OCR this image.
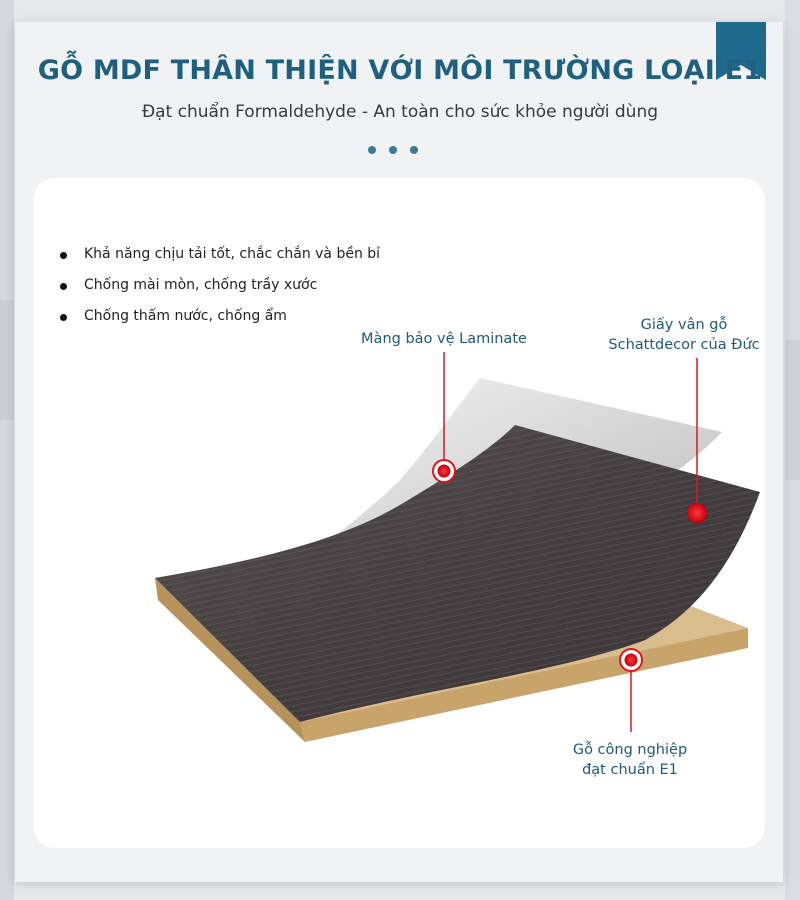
GỖ MDF THÂN THIỆN VỚI MÔI TRƯỜNG LOẠI E1
Đạt chuẩn Formaldehyde - An toàn cho sức khỏe người dùng
Khả năng chịu tải tốt, chắc chắn và bền bỉ
Chống mài mòn, chống trầy xước
Chống thấm nước, chống ẩm
Màng bảo vệ Laminate
Giấy vân gỗ
Schattdecor của Đức
Gỗ công nghiệp
đạt chuẩn E1
